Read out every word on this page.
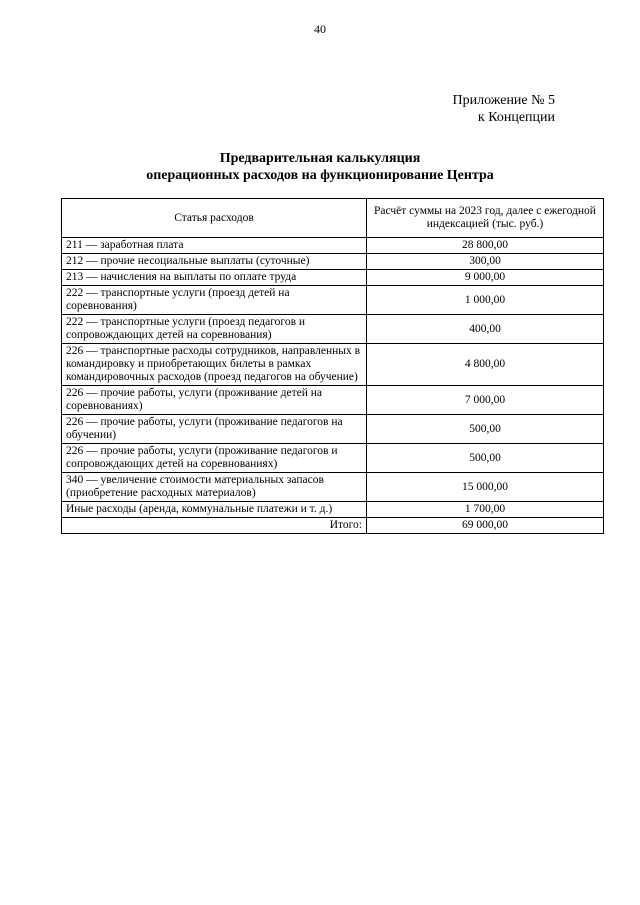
40
Приложение № 5
к Концепции
Предварительная калькуляция
операционных расходов на функционирование Центра
Статья расходов	Расчёт суммы на 2023 год, далее с ежегодной индексацией (тыс. руб.)
211 — заработная плата	28 800,00
212 — прочие несоциальные выплаты (суточные)	300,00
213 — начисления на выплаты по оплате труда	9 000,00
222 — транспортные услуги (проезд детей на соревнования)	1 000,00
222 — транспортные услуги (проезд педагогов и сопровождающих детей на соревнования)	400,00
226 — транспортные расходы сотрудников, направленных в командировку и приобретающих билеты в рамках командировочных расходов (проезд педагогов на обучение)	4 800,00
226 — прочие работы, услуги (проживание детей на соревнованиях)	7 000,00
226 — прочие работы, услуги (проживание педагогов на обучении)	500,00
226 — прочие работы, услуги (проживание педагогов и сопровождающих детей на соревнованиях)	500,00
340 — увеличение стоимости материальных запасов (приобретение расходных материалов)	15 000,00
Иные расходы (аренда, коммунальные платежи и т. д.)	1 700,00
Итого:	69 000,00
